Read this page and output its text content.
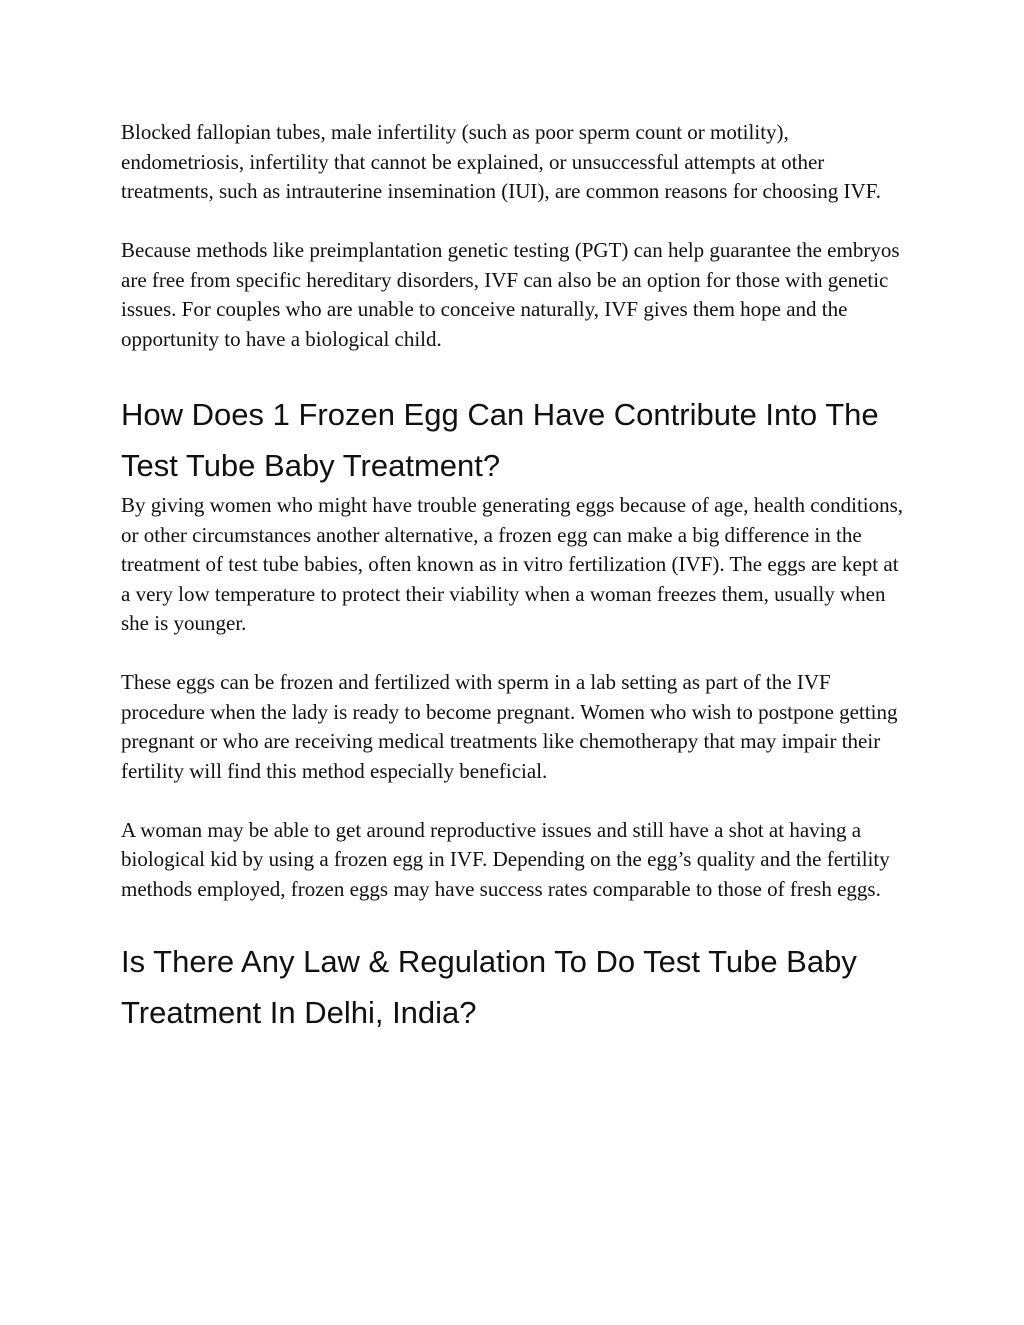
Blocked fallopian tubes, male infertility (such as poor sperm count or motility), endometriosis, infertility that cannot be explained, or unsuccessful attempts at other treatments, such as intrauterine insemination (IUI), are common reasons for choosing IVF.

Because methods like preimplantation genetic testing (PGT) can help guarantee the embryos are free from specific hereditary disorders, IVF can also be an option for those with genetic issues. For couples who are unable to conceive naturally, IVF gives them hope and the opportunity to have a biological child.

How Does 1 Frozen Egg Can Have Contribute Into The Test Tube Baby Treatment?

By giving women who might have trouble generating eggs because of age, health conditions, or other circumstances another alternative, a frozen egg can make a big difference in the treatment of test tube babies, often known as in vitro fertilization (IVF). The eggs are kept at a very low temperature to protect their viability when a woman freezes them, usually when she is younger.

These eggs can be frozen and fertilized with sperm in a lab setting as part of the IVF procedure when the lady is ready to become pregnant. Women who wish to postpone getting pregnant or who are receiving medical treatments like chemotherapy that may impair their fertility will find this method especially beneficial.

A woman may be able to get around reproductive issues and still have a shot at having a biological kid by using a frozen egg in IVF. Depending on the egg’s quality and the fertility methods employed, frozen eggs may have success rates comparable to those of fresh eggs.

Is There Any Law & Regulation To Do Test Tube Baby Treatment In Delhi, India?
